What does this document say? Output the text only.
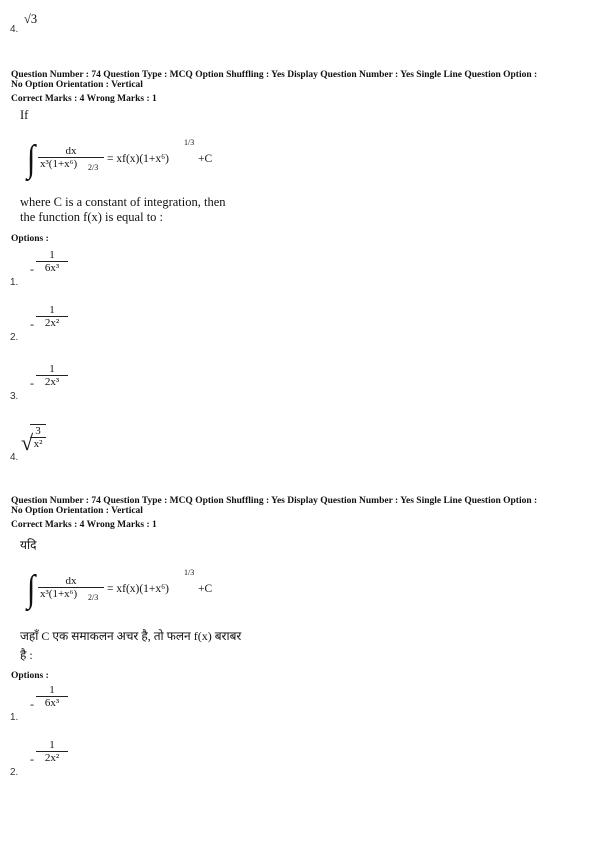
4.
√3
Question Number : 74 Question Type : MCQ Option Shuffling : Yes Display Question Number : Yes Single Line Question Option :
No Option Orientation : Vertical
Correct Marks : 4 Wrong Marks : 1
If
∫ $\frac{dx}{\text{x³(1+x⁶)}}$
2/3
= xf(x)(1+x⁶)
1/3
+C
where C is a constant of integration, then
the function f(x) is equal to :
Options :
1.
- $\frac{1}{\text{6x³}}$
2.
- $\frac{1}{\text{2x²}}$
3.
- $\frac{1}{\text{2x³}}$
4.
√
$\frac{3}{\text{x²}}$
Question Number : 74 Question Type : MCQ Option Shuffling : Yes Display Question Number : Yes Single Line Question Option :
No Option Orientation : Vertical
Correct Marks : 4 Wrong Marks : 1
यदि
∫ $\frac{dx}{\text{x³(1+x⁶)}}$
2/3
= xf(x)(1+x⁶)
1/3
+C
जहाँ C एक समाकलन अचर है, तो फलन f(x) बराबर
है :
Options :
1.
- $\frac{1}{\text{6x³}}$
2.
- $\frac{1}{\text{2x²}}$
